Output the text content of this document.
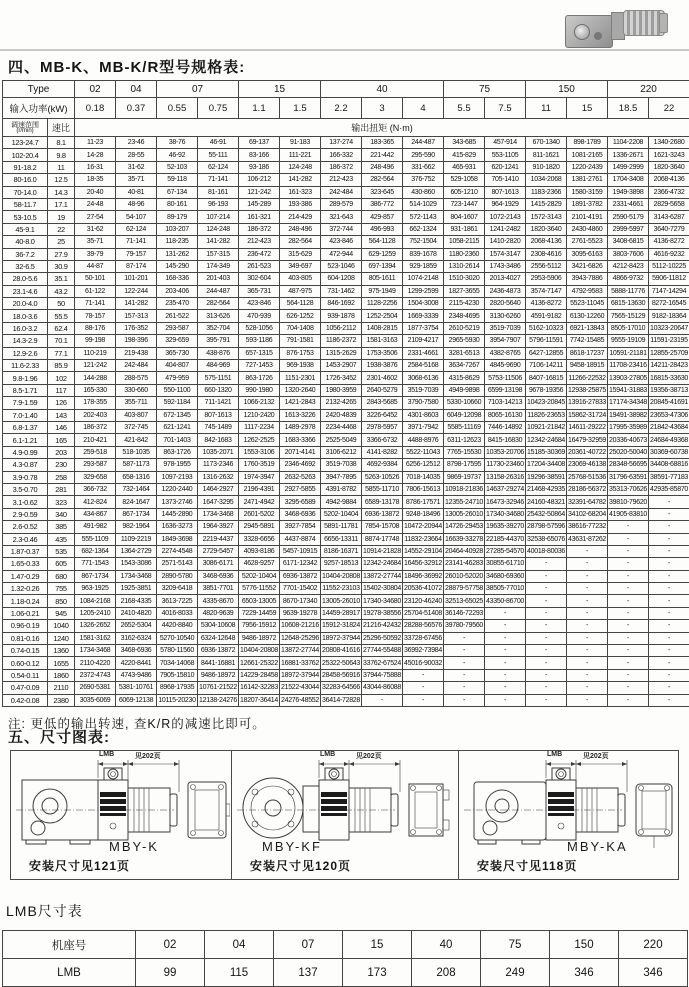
四、MB-K、MB-K/R型号规格表:
Type		02	04	07		15		40			75		150		220	
输入功率(kW)		0.18	0.37	0.55	0.75	1.1	1.5	2.2	3	4	5.5	7.5	11	15	18.5	22

调速范围
(r/min)	速比	输出扭矩 (N·m)														
123-24.7	8.1	11-23	23-46	38-76	46-91	69-137	91-183	137-274	183-365	244-487	343-685	457-914	670-1340	898-1789	1104-2208	1340-2680
102-20.4	9.8	14-28	28-55	46-92	55-111	83-166	111-221	166-332	221-442	295-590	415-829	553-1105	811-1621	1081-2165	1336-2671	1621-3243
91-18.2	11	16-31	31-62	52-103	62-124	93-186	124-248	186-372	248-496	331-662	465-931	620-1241	910-1820	1220-2439	1499-2999	1820-3640
80-16.0	12.5	18-35	35-71	59-118	71-141	106-212	141-282	212-423	282-564	376-752	529-1058	705-1410	1034-2068	1381-2761	1704-3408	2068-4136
70-14.0	14.3	20-40	40-81	67-134	81-161	121-242	161-323	242-484	323-645	430-860	605-1210	807-1613	1183-2366	1580-3159	1949-3898	2366-4732
58-11.7	17.1	24-48	48-96	80-161	96-193	145-289	193-386	289-579	386-772	514-1029	723-1447	964-1929	1415-2829	1891-3782	2331-4661	2829-5658
53-10.5	19	27-54	54-107	89-179	107-214	161-321	214-429	321-643	429-857	572-1143	804-1607	1072-2143	1572-3143	2101-4191	2590-5179	3143-6287
45-9.1	22	31-62	62-124	103-207	124-248	186-372	248-496	372-744	496-993	662-1324	931-1861	1241-2482	1820-3640	2430-4860	2999-5997	3640-7279
40-8.0	25	35-71	71-141	118-235	141-282	212-423	282-564	423-846	564-1128	752-1504	1058-2115	1410-2820	2068-4136	2761-5523	3408-6815	4136-8272
36-7.2	27.9	39-79	79-157	131-262	157-315	236-472	315-629	472-944	629-1259	839-1678	1180-2360	1574-3147	2308-4616	3095-6163	3803-7606	4616-9232
32-6.5	30.9	44-87	87-174	145-290	174-349	261-523	349-697	523-1046	697-1394	929-1859	1310-2614	1743-3486	2556-5112	3421-6826	4212-8423	5112-10225
28.0-5.6	35.1	50-101	101-201	168-336	201-403	302-604	403-805	604-1208	805-1611	1074-2148	1510-3020	2013-4027	2953-5906	3943-7886	4866-9732	5906-11812
23.1-4.6	43.2	61-122	122-244	203-406	244-487	365-731	487-975	731-1462	975-1949	1299-2599	1827-3655	2436-4873	3574-7147	4792-9583	5888-11776	7147-14294
20.0-4.0	50	71-141	141-282	235-470	282-564	423-846	564-1128	846-1692	1128-2256	1504-3008	2115-4230	2820-5640	4136-8272	5523-11045	6815-13630	8272-16545
18.0-3.6	55.5	78-157	157-313	261-522	313-626	470-939	626-1252	939-1878	1252-2504	1669-3339	2348-4695	3130-6260	4591-9182	6130-12260	7565-15129	9182-18364
16.0-3.2	62.4	88-176	176-352	293-587	352-704	528-1056	704-1408	1056-2112	1408-2815	1877-3754	2610-5219	3519-7039	5162-10323	6921-13843	8505-17010	10323-20647
14.3-2.9	70.1	99-198	198-396	329-659	395-791	593-1186	791-1581	1186-2372	1581-3163	2109-4217	2965-5930	3954-7907	5796-11591	7742-15485	9555-19109	11591-23195
12.9-2.6	77.1	110-219	219-438	365-730	438-876	657-1315	876-1753	1315-2629	1753-3506	2331-4661	3281-6513	4382-8765	6427-12855	8618-17237	10591-21181	12855-25709
11.6-2.33	85.9	121-242	242-484	404-807	484-969	727-1453	969-1938	1453-2907	1938-3876	2584-5168	3634-7267	4845-9690	7106-14211	9458-18915	11708-23416	14211-28423
9.8-1.96	102	144-288	288-575	479-959	575-1151	863-1726	1151-2301	1726-3452	2301-4602	3068-6136	4315-8629	5753-11506	8407-16815	11266-22532	13903-27805	16815-33630
8.5-1.71	117	165-330	330-660	550-1100	660-1320	990-1980	1320-2640	1980-3959	2640-5279	3519-7039	4949-9898	6599-13198	9678-19356	12938-25875	15941-31883	19356-38713
7.9-1.59	126	178-355	355-711	592-1184	711-1421	1066-2132	1421-2843	2132-4265	2843-5685	3790-7580	5330-10660	7103-14213	10423-20845	13916-27833	17174-34348	20845-41691
7.0-1.40	143	202-403	403-807	672-1345	807-1613	1210-2420	1613-3226	2420-4839	3226-6452	4301-8603	6049-12098	8065-16130	11826-23653	15862-31724	19491-38982	23653-47306
6.8-1.37	146	186-372	372-745	621-1241	745-1489	1117-2234	1489-2978	2234-4468	2978-5957	3971-7942	5585-11169	7446-14892	10921-21842	14611-29222	17995-35989	21842-43684
6.1-1.21	165	210-421	421-842	701-1403	842-1683	1262-2525	1683-3366	2525-5049	3366-6732	4488-8976	6311-12623	8415-16830	12342-24684	16479-32959	20336-40673	24684-49368
4.9-0.99	203	259-518	518-1035	863-1726	1035-2071	1553-3106	2071-4141	3106-6212	4141-8282	5522-11043	7765-15530	10353-20706	15185-30369	20361-40722	25020-50040	30369-60738
4.3-0.87	230	293-587	587-1173	978-1955	1173-2346	1760-3519	2346-4692	3519-7038	4692-9384	6256-12512	8798-17595	11730-23460	17204-34408	23069-46138	28348-56695	34408-68816
3.9-0.78	258	329-658	658-1316	1097-2193	1316-2632	1974-3947	2632-5263	3947-7895	5263-10526	7018-14035	9869-19737	13158-26316	19296-38591	25768-51536	31796-63591	38591-77183
3.5-0.70	281	366-732	732-1464	1220-2440	1464-2927	2196-4391	2927-5855	4391-8782	5855-11710	7806-15613	10918-21836	14637-29274	21468-42935	28186-56372	35313-70626	42935-85870
3.1-0.62	323	412-824	824-1647	1373-2746	1647-3295	2471-4942	3295-6589	4942-9884	6589-13178	8786-17571	12355-24710	16473-32946	24160-48321	32391-64782	39810-79620	-
2.9-0.59	340	434-867	867-1734	1445-2890	1734-3468	2601-5202	3468-6936	5202-10404	6936-13872	9248-18496	13005-26010	17340-34680	25432-50864	34102-68204	41905-83810	-
2.6-0.52	385	491-982	982-1964	1636-3273	1964-3927	2945-5891	3927-7854	5891-11781	7854-15708	10472-20944	14726-29453	19635-39270	28798-57596	38616-77232	-	-
2.3-0.46	435	555-1109	1109-2219	1849-3698	2219-4437	3328-6656	4437-8874	6656-13311	8874-17748	11832-23664	16639-33278	22185-44370	32538-65076	43631-87262	-	-
1.87-0.37	535	682-1364	1364-2729	2274-4548	2729-5457	4093-8186	5457-10915	8186-16371	10914-21828	14552-29104	20464-40928	27285-54570	40018-80036	-	-	-
1.65-0.33	605	771-1543	1543-3086	2571-5143	3086-6171	4628-9257	6171-12342	9257-18513	12342-24684	16456-32912	23141-46283	30855-61710	-	-	-	-
1.47-0.29	680	867-1734	1734-3468	2890-5780	3468-6936	5202-10404	6936-13872	10404-20808	13872-27744	18496-36992	26010-52020	34680-69360	-	-	-	-
1.32-0.26	755	963-1925	1925-3851	3209-6418	3851-7701	5776-11552	7701-15402	11552-23103	15402-30804	20536-41072	28879-57758	38505-77010	-	-	-	-
1.18-0.24	850	1084-2168	2168-4335	3613-7225	4335-8670	6503-13005	8670-17340	13005-26010	17340-34680	23120-46240	32513-65025	43350-86700	-	-	-	-
1.06-0.21	945	1205-2410	2410-4820	4016-8033	4820-9639	7229-14459	9639-19278	14459-28917	19278-38556	25704-51408	36146-72293	-	-	-	-	-
0.96-0.19	1040	1326-2652	2652-5304	4420-8840	5304-10608	7956-15912	10608-21216	15912-31824	21216-42432	28288-56576	39780-79560	-	-	-	-	-
0.81-0.16	1240	1581-3162	3162-6324	5270-10540	6324-12648	9486-18972	12648-25296	18972-37944	25296-50592	33728-67456	-	-	-	-	-	-
0.74-0.15	1360	1734-3468	3468-6936	5780-11560	6936-13872	10404-20808	13872-27744	20808-41616	27744-55488	36992-73984	-	-	-	-	-	-
0.60-0.12	1655	2110-4220	4220-8441	7034-14068	8441-16881	12661-25322	16881-33762	25322-50643	33762-67524	45016-90032	-	-	-	-	-	-
0.54-0.11	1860	2372-4743	4743-9486	7905-15810	9486-18972	14229-28458	18972-37944	28458-56916	37944-75888	-	-	-	-	-	-	-
0.47-0.09	2110	2690-5381	5381-10761	8968-17935	10761-21522	16142-32283	21522-43044	32283-64566	43044-86088	-	-	-	-	-	-	-
0.42-0.08	2380	3035-6069	6069-12138	10115-20230	12138-24276	18207-36414	24276-48552	36414-72828	-	-	-	-	-	-	-	-
注: 更低的输出转速, 查K/R的减速比即可。
五、尺寸图表:
LMB	见202页
MBY-K
安装尺寸见121页
LMB	见202页
MBY-KF
安装尺寸见120页
LMB	见202页
MBY-KA
安装尺寸见118页
LMB尺寸表
机座号	02	04	07	15	40	75	150	220
LMB	99	115	137	173	208	249	346	346
